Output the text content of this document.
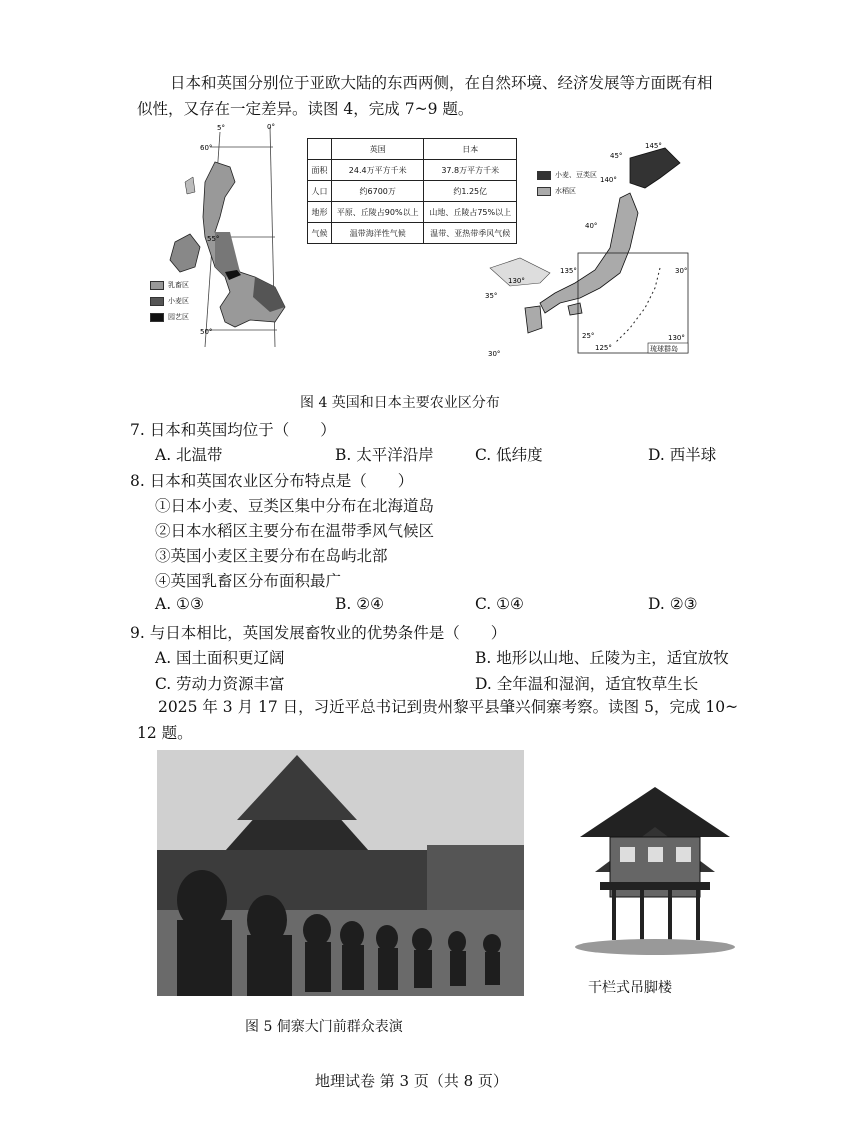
日本和英国分别位于亚欧大陆的东西两侧，在自然环境、经济发展等方面既有相
似性，又存在一定差异。读图 4，完成 7~9 题。
5°	0°
60°
55°
50°
乳畜区
小麦区
园艺区
	英国	日本
面积	24.4万平方千米	37.8万平方千米
人口	约6700万	约1.25亿
地形	平原、丘陵占90%以上	山地、丘陵占75%以上
气候	温带海洋性气候	温带、亚热带季风气候
145°
45°
140°
40°
135°
130°
35°
30°
30°
25°
125°
130°
琉球群岛
小麦、豆类区
水稻区
图 4 英国和日本主要农业区分布
7. 日本和英国均位于（　　）
A. 北温带	B. 太平洋沿岸	C. 低纬度	D. 西半球
8. 日本和英国农业区分布特点是（　　）
①日本小麦、豆类区集中分布在北海道岛
②日本水稻区主要分布在温带季风气候区
③英国小麦区主要分布在岛屿北部
④英国乳畜区分布面积最广
A. ①③	B. ②④	C. ①④	D. ②③
9. 与日本相比，英国发展畜牧业的优势条件是（　　）
A. 国土面积更辽阔	B. 地形以山地、丘陵为主，适宜放牧
C. 劳动力资源丰富	D. 全年温和湿润，适宜牧草生长
2025 年 3 月 17 日，习近平总书记到贵州黎平县肇兴侗寨考察。读图 5，完成 10~
12 题。
干栏式吊脚楼
图 5 侗寨大门前群众表演
地理试卷 第 3 页（共 8 页）
